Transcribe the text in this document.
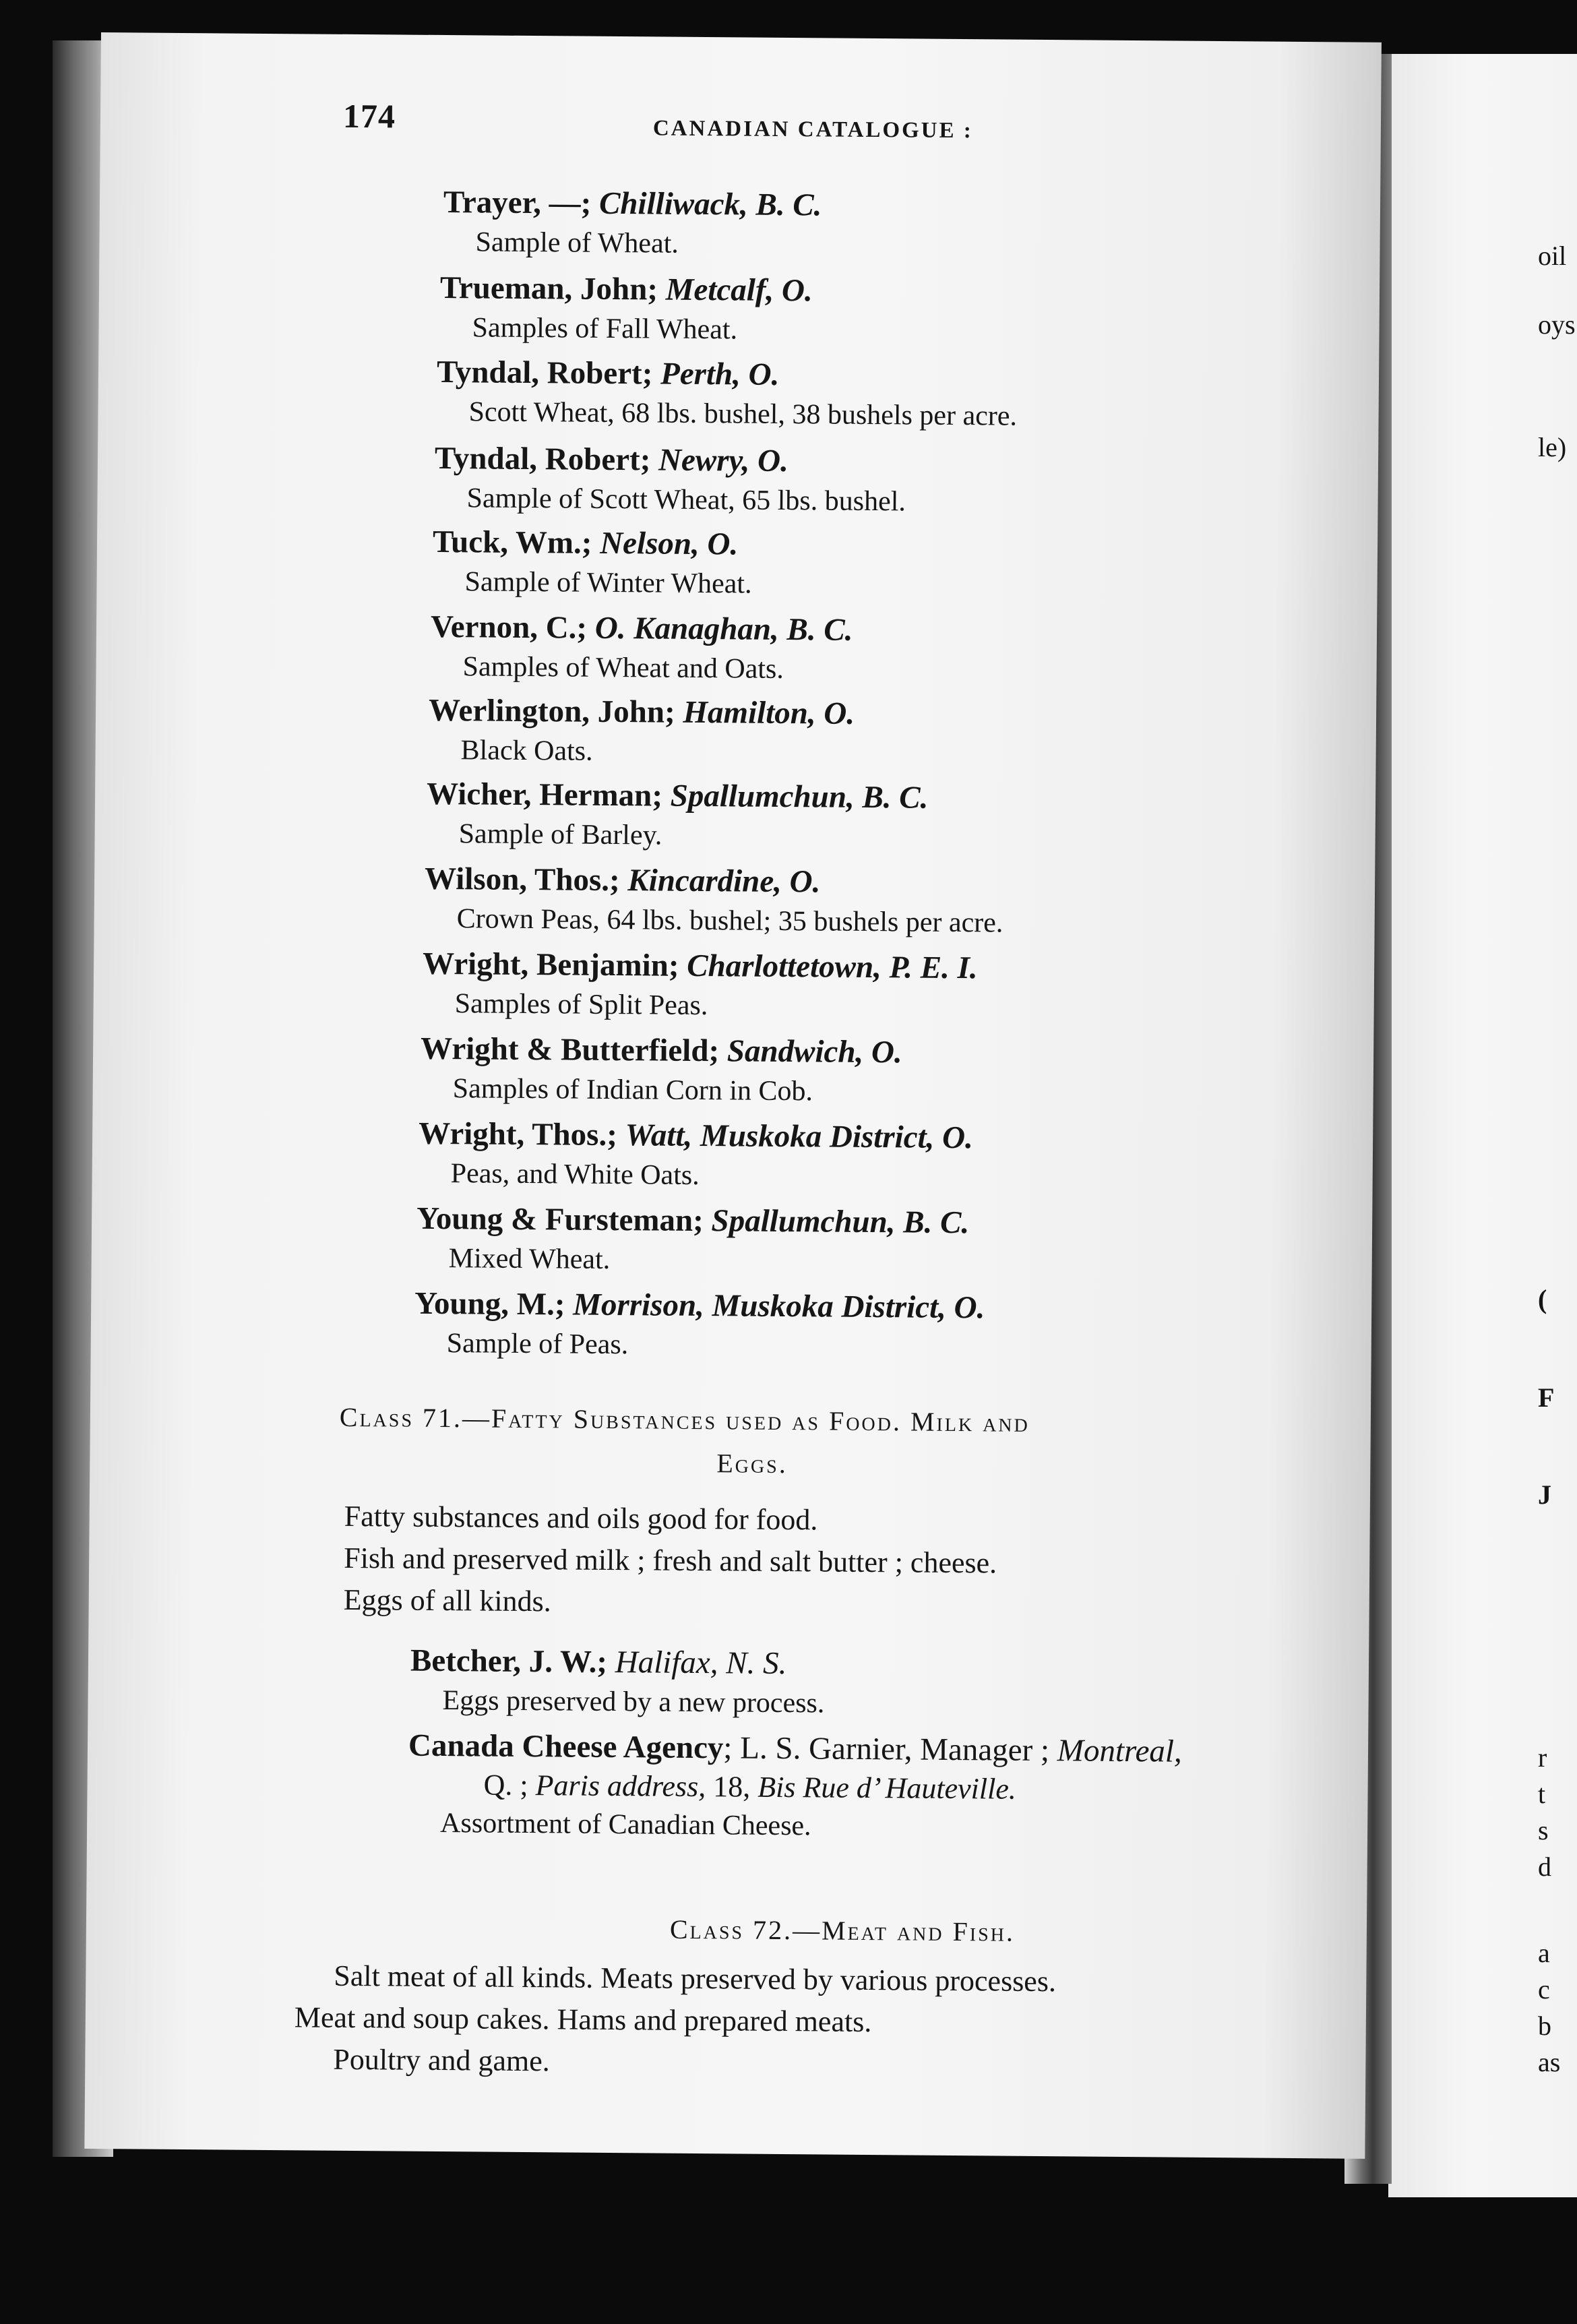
oil
oys
le)
(
F
J
r
t
s
d
a
c
b
as
174	CANADIAN CATALOGUE :
Trayer, —; Chilliwack, B. C.
Sample of Wheat.
Trueman, John; Metcalf, O.
Samples of Fall Wheat.
Tyndal, Robert; Perth, O.
Scott Wheat, 68 lbs. bushel, 38 bushels per acre.
Tyndal, Robert; Newry, O.
Sample of Scott Wheat, 65 lbs. bushel.
Tuck, Wm.; Nelson, O.
Sample of Winter Wheat.
Vernon, C.; O. Kanaghan, B. C.
Samples of Wheat and Oats.
Werlington, John; Hamilton, O.
Black Oats.
Wicher, Herman; Spallumchun, B. C.
Sample of Barley.
Wilson, Thos.; Kincardine, O.
Crown Peas, 64 lbs. bushel; 35 bushels per acre.
Wright, Benjamin; Charlottetown, P. E. I.
Samples of Split Peas.
Wright & Butterfield; Sandwich, O.
Samples of Indian Corn in Cob.
Wright, Thos.; Watt, Muskoka District, O.
Peas, and White Oats.
Young & Fursteman; Spallumchun, B. C.
Mixed Wheat.
Young, M.; Morrison, Muskoka District, O.
Sample of Peas.
Class 71.—Fatty Substances used as Food. Milk and
Eggs.
Fatty substances and oils good for food.
Fish and preserved milk ; fresh and salt butter ; cheese.
Eggs of all kinds.
Betcher, J. W.; Halifax, N. S.
Eggs preserved by a new process.
Canada Cheese Agency; L. S. Garnier, Manager ; Montreal,
Q. ; Paris address, 18, Bis Rue d’ Hauteville.
Assortment of Canadian Cheese.
Class 72.—Meat and Fish.
Salt meat of all kinds. Meats preserved by various processes.
Meat and soup cakes. Hams and prepared meats.
Poultry and game.
